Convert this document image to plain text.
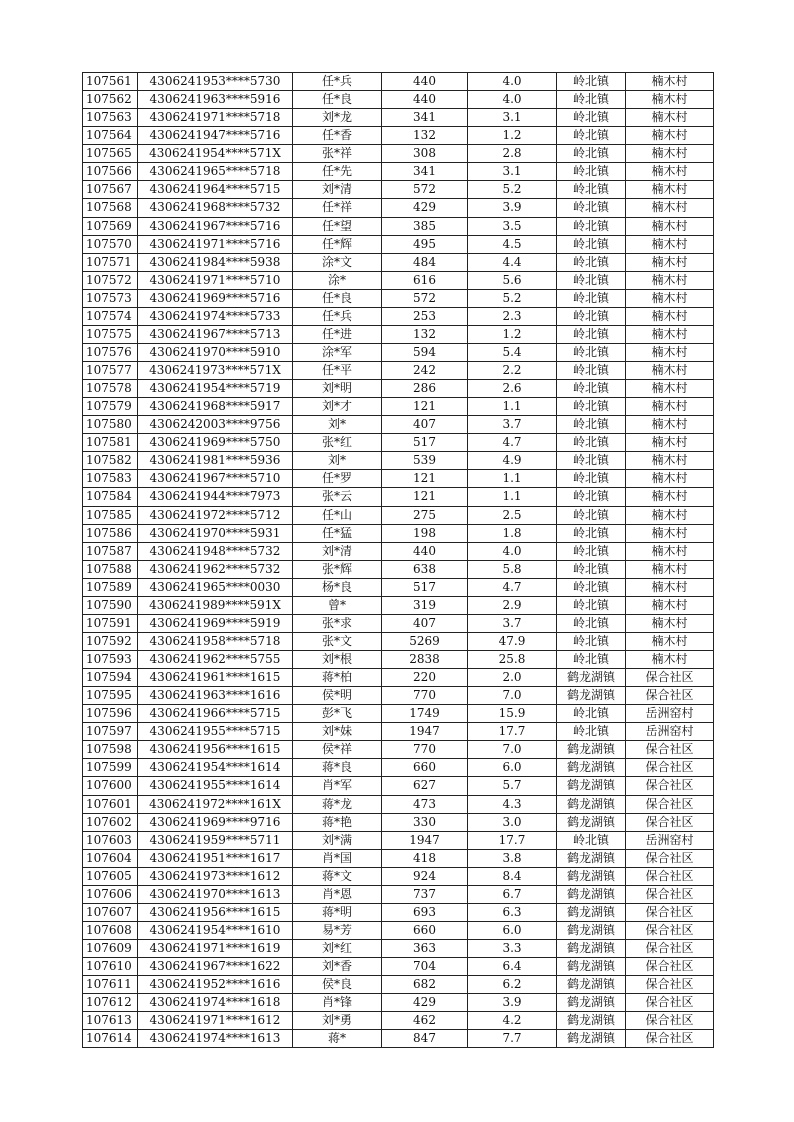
107561	4306241953****5730	任*兵	440	4.0	岭北镇	楠木村
107562	4306241963****5916	任*良	440	4.0	岭北镇	楠木村
107563	4306241971****5718	刘*龙	341	3.1	岭北镇	楠木村
107564	4306241947****5716	任*香	132	1.2	岭北镇	楠木村
107565	4306241954****571X	张*祥	308	2.8	岭北镇	楠木村
107566	4306241965****5718	任*先	341	3.1	岭北镇	楠木村
107567	4306241964****5715	刘*清	572	5.2	岭北镇	楠木村
107568	4306241968****5732	任*祥	429	3.9	岭北镇	楠木村
107569	4306241967****5716	任*望	385	3.5	岭北镇	楠木村
107570	4306241971****5716	任*辉	495	4.5	岭北镇	楠木村
107571	4306241984****5938	涂*文	484	4.4	岭北镇	楠木村
107572	4306241971****5710	涂*	616	5.6	岭北镇	楠木村
107573	4306241969****5716	任*良	572	5.2	岭北镇	楠木村
107574	4306241974****5733	任*兵	253	2.3	岭北镇	楠木村
107575	4306241967****5713	任*进	132	1.2	岭北镇	楠木村
107576	4306241970****5910	涂*军	594	5.4	岭北镇	楠木村
107577	4306241973****571X	任*平	242	2.2	岭北镇	楠木村
107578	4306241954****5719	刘*明	286	2.6	岭北镇	楠木村
107579	4306241968****5917	刘*才	121	1.1	岭北镇	楠木村
107580	4306242003****9756	刘*	407	3.7	岭北镇	楠木村
107581	4306241969****5750	张*红	517	4.7	岭北镇	楠木村
107582	4306241981****5936	刘*	539	4.9	岭北镇	楠木村
107583	4306241967****5710	任*罗	121	1.1	岭北镇	楠木村
107584	4306241944****7973	张*云	121	1.1	岭北镇	楠木村
107585	4306241972****5712	任*山	275	2.5	岭北镇	楠木村
107586	4306241970****5931	任*猛	198	1.8	岭北镇	楠木村
107587	4306241948****5732	刘*清	440	4.0	岭北镇	楠木村
107588	4306241962****5732	张*辉	638	5.8	岭北镇	楠木村
107589	4306241965****0030	杨*良	517	4.7	岭北镇	楠木村
107590	4306241989****591X	曾*	319	2.9	岭北镇	楠木村
107591	4306241969****5919	张*求	407	3.7	岭北镇	楠木村
107592	4306241958****5718	张*文	5269	47.9	岭北镇	楠木村
107593	4306241962****5755	刘*根	2838	25.8	岭北镇	楠木村
107594	4306241961****1615	蒋*柏	220	2.0	鹤龙湖镇	保合社区
107595	4306241963****1616	侯*明	770	7.0	鹤龙湖镇	保合社区
107596	4306241966****5715	彭*飞	1749	15.9	岭北镇	岳洲窑村
107597	4306241955****5715	刘*妹	1947	17.7	岭北镇	岳洲窑村
107598	4306241956****1615	侯*祥	770	7.0	鹤龙湖镇	保合社区
107599	4306241954****1614	蒋*良	660	6.0	鹤龙湖镇	保合社区
107600	4306241955****1614	肖*军	627	5.7	鹤龙湖镇	保合社区
107601	4306241972****161X	蒋*龙	473	4.3	鹤龙湖镇	保合社区
107602	4306241969****9716	蒋*艳	330	3.0	鹤龙湖镇	保合社区
107603	4306241959****5711	刘*满	1947	17.7	岭北镇	岳洲窑村
107604	4306241951****1617	肖*国	418	3.8	鹤龙湖镇	保合社区
107605	4306241973****1612	蒋*文	924	8.4	鹤龙湖镇	保合社区
107606	4306241970****1613	肖*恩	737	6.7	鹤龙湖镇	保合社区
107607	4306241956****1615	蒋*明	693	6.3	鹤龙湖镇	保合社区
107608	4306241954****1610	易*芳	660	6.0	鹤龙湖镇	保合社区
107609	4306241971****1619	刘*红	363	3.3	鹤龙湖镇	保合社区
107610	4306241967****1622	刘*香	704	6.4	鹤龙湖镇	保合社区
107611	4306241952****1616	侯*良	682	6.2	鹤龙湖镇	保合社区
107612	4306241974****1618	肖*锋	429	3.9	鹤龙湖镇	保合社区
107613	4306241971****1612	刘*勇	462	4.2	鹤龙湖镇	保合社区
107614	4306241974****1613	蒋*	847	7.7	鹤龙湖镇	保合社区
